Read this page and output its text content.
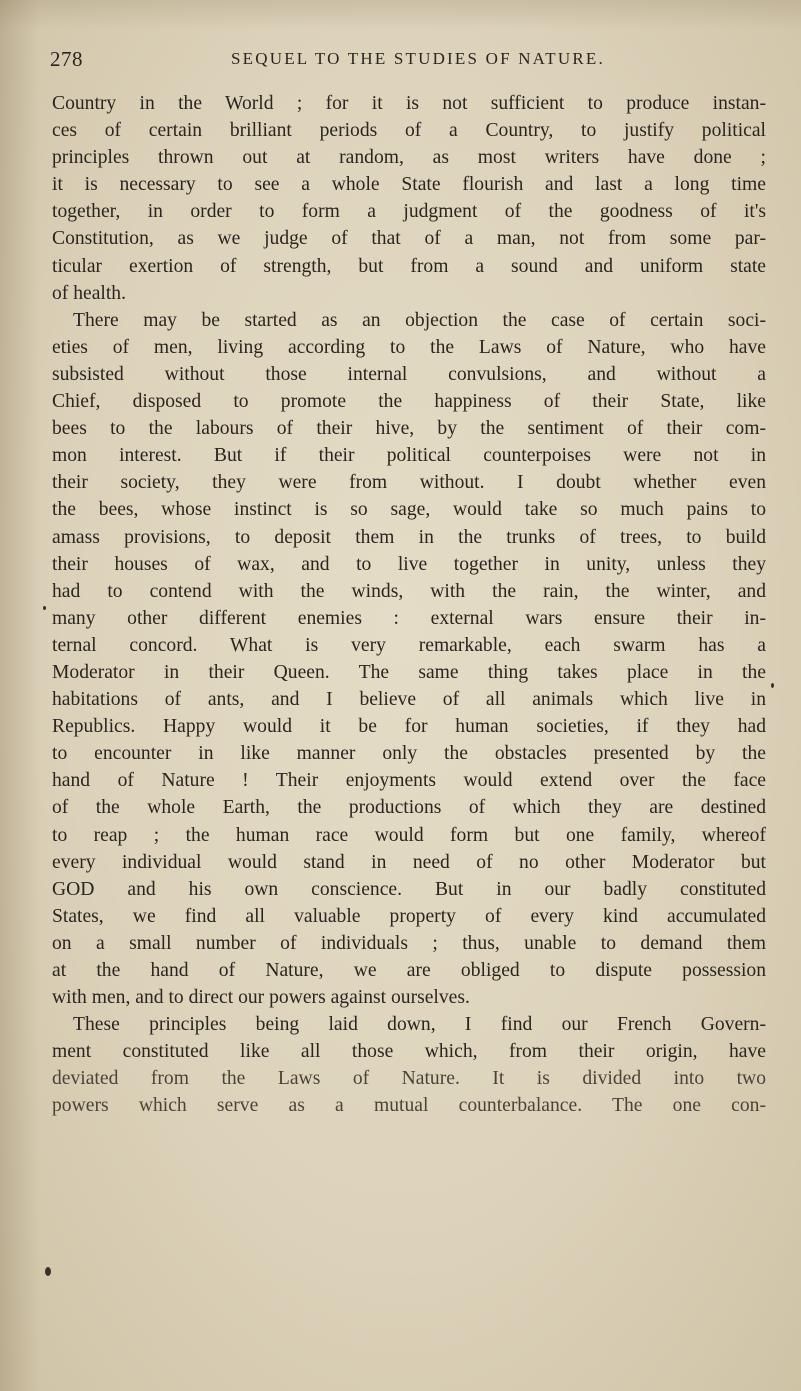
278	SEQUEL TO THE STUDIES OF NATURE.
Country in the World ; for it is not sufficient to produce instan-
ces of certain brilliant periods of a Country, to justify political
principles thrown out at random, as most writers have done ;
it is necessary to see a whole State flourish and last a long time
together, in order to form a judgment of the goodness of it's
Constitution, as we judge of that of a man, not from some par-
ticular exertion of strength, but from a sound and uniform state
of health.
There may be started as an objection the case of certain soci-
eties of men, living according to the Laws of Nature, who have
subsisted without those internal convulsions, and without a
Chief, disposed to promote the happiness of their State, like
bees to the labours of their hive, by the sentiment of their com-
mon interest. But if their political counterpoises were not in
their society, they were from without. I doubt whether even
the bees, whose instinct is so sage, would take so much pains to
amass provisions, to deposit them in the trunks of trees, to build
their houses of wax, and to live together in unity, unless they
had to contend with the winds, with the rain, the winter, and
many other different enemies : external wars ensure their in-
ternal concord. What is very remarkable, each swarm has a
Moderator in their Queen. The same thing takes place in the
habitations of ants, and I believe of all animals which live in
Republics. Happy would it be for human societies, if they had
to encounter in like manner only the obstacles presented by the
hand of Nature ! Their enjoyments would extend over the face
of the whole Earth, the productions of which they are destined
to reap ; the human race would form but one family, whereof
every individual would stand in need of no other Moderator but
GOD and his own conscience. But in our badly constituted
States, we find all valuable property of every kind accumulated
on a small number of individuals ; thus, unable to demand them
at the hand of Nature, we are obliged to dispute possession
with men, and to direct our powers against ourselves.
These principles being laid down, I find our French Govern-
ment constituted like all those which, from their origin, have
deviated from the Laws of Nature. It is divided into two
powers which serve as a mutual counterbalance. The one con-
